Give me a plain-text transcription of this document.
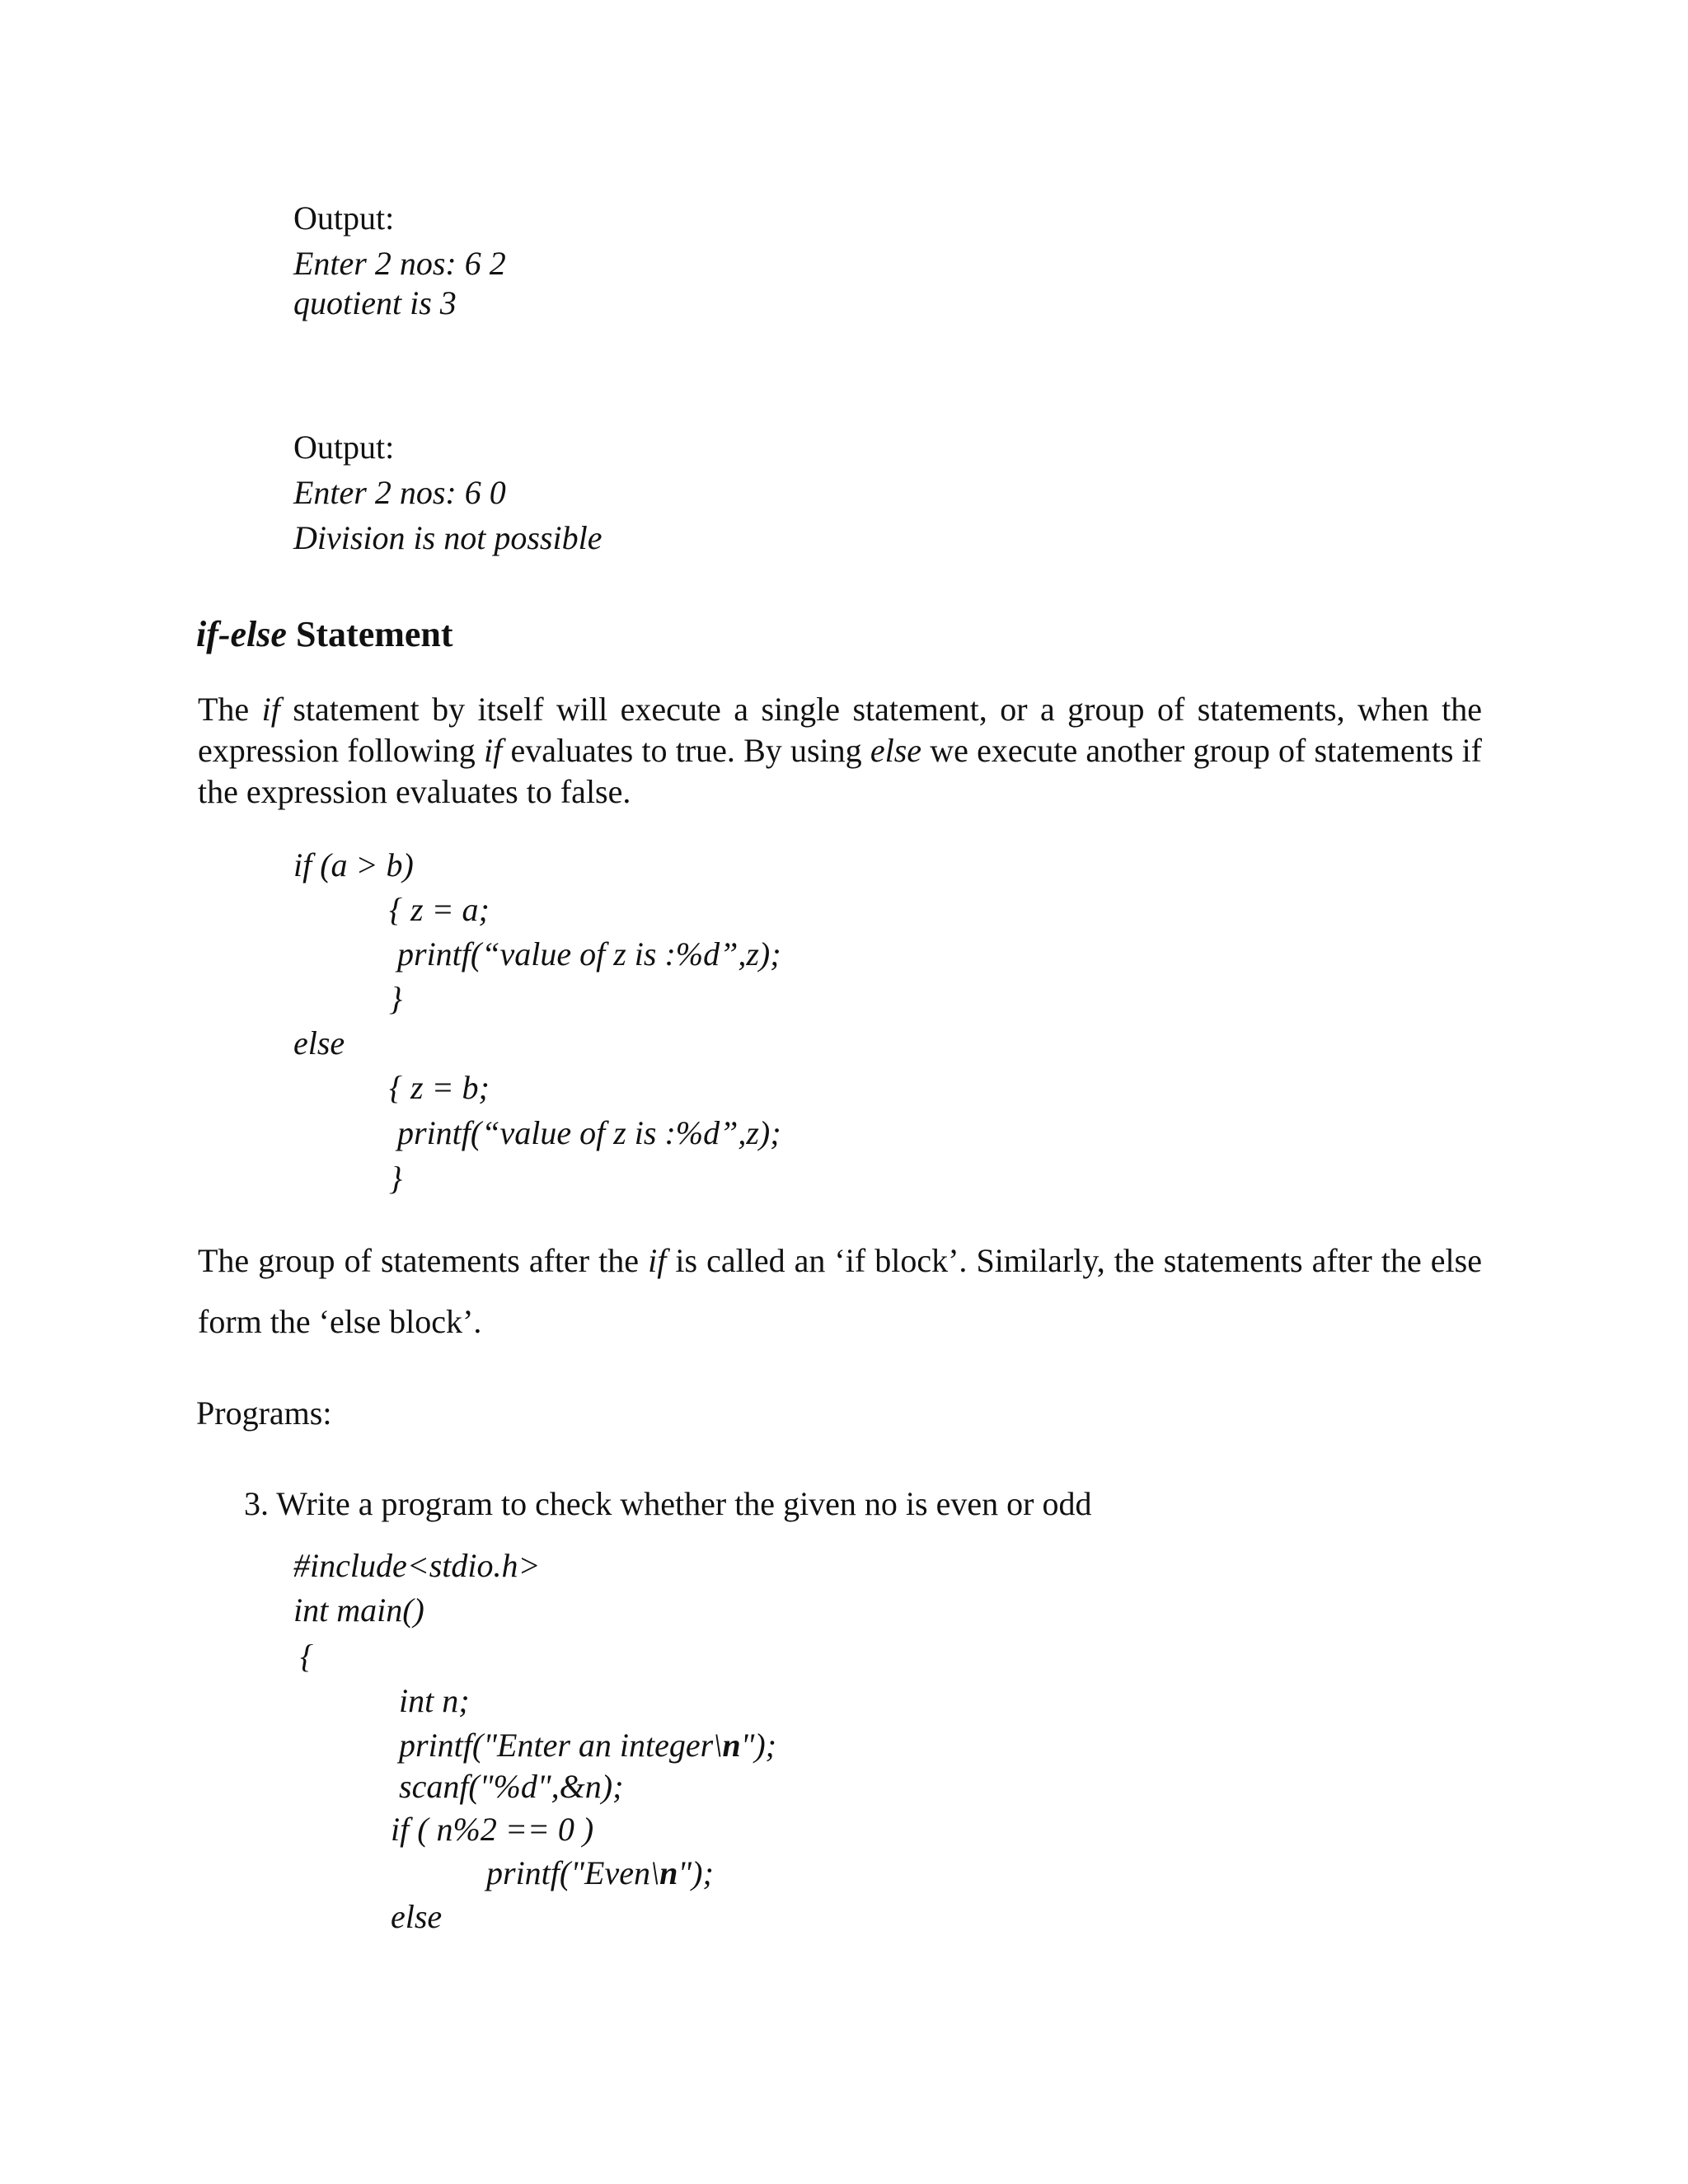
Output:
Enter 2 nos: 6 2
quotient is 3
Output:
Enter 2 nos: 6 0
Division is not possible
if-else Statement
The if statement by itself will execute a single statement, or a group of statements, when the expression following if evaluates to true. By using else we execute another group of statements if the expression evaluates to false.
if (a > b)
{ z = a;
printf(“value of z is :%d”,z);
}
else
{ z = b;
printf(“value of z is :%d”,z);
}
The group of statements after the if is called an ‘if block’. Similarly, the statements after the else form the ‘else block’.
Programs:
3. Write a program to check whether the given no is even or odd
#include<stdio.h>
int main()
{
int n;
printf("Enter an integer\n");
scanf("%d",&n);
if ( n%2 == 0 )
printf("Even\n");
else
